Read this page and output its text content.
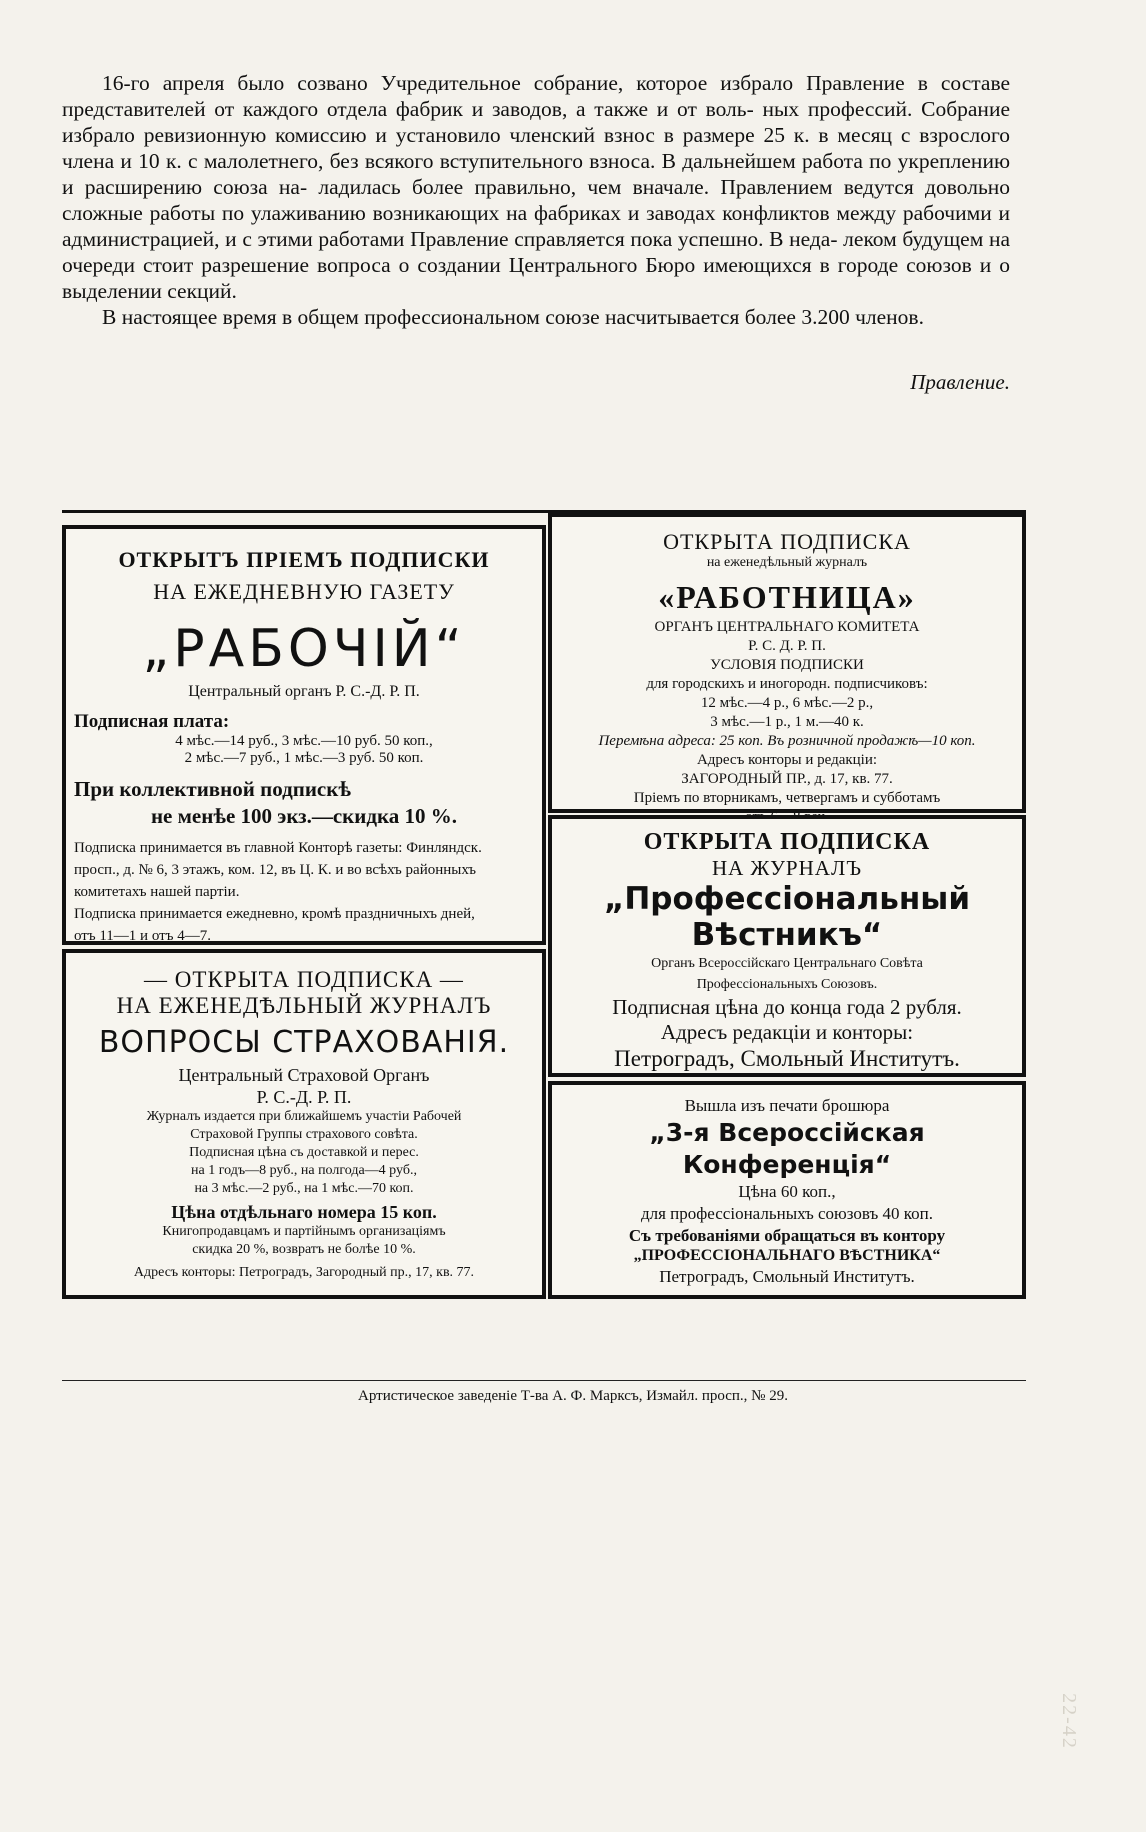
16-го апреля было созвано Учредительное собрание, которое избрало Правление в составе представителей от каждого отдела фабрик и заводов, а также и от воль- ных профессий. Собрание избрало ревизионную комиссию и установило членский взнос в размере 25 к. в месяц с взрослого члена и 10 к. с малолетнего, без всякого вступительного взноса. В дальнейшем работа по укреплению и расширению союза на- ладилась более правильно, чем вначале. Правлением ведутся довольно сложные работы по улаживанию возникающих на фабриках и заводах конфликтов между рабочими и администрацией, и с этими работами Правление справляется пока успешно. В неда- леком будущем на очереди стоит разрешение вопроса о создании Центрального Бюро имеющихся в городе союзов и о выделении секций.

В настоящее время в общем профессиональном союзе насчитывается более 3.200 членов.

Правление.
ОТКРЫТЪ ПРІЕМЪ ПОДПИСКИ
НА ЕЖЕДНЕВНУЮ ГАЗЕТУ
„РАБОЧІЙ“
Центральный органъ Р. С.-Д. Р. П.
Подписная плата:
4 мѣс.—14 руб., 3 мѣс.—10 руб. 50 коп.,
2 мѣс.—7 руб., 1 мѣс.—3 руб. 50 коп.
При коллективной подпискѣ
не менѣе 100 экз.—скидка 10 %.
Подписка принимается въ главной Конторѣ газеты: Финляндск.
просп., д. № 6, 3 этажъ, ком. 12, въ Ц. К. и во всѣхъ районныхъ
комитетахъ нашей партіи.
Подписка принимается ежедневно, кромѣ праздничныхъ дней,
отъ 11—1 и отъ 4—7.
ОТКРЫТА ПОДПИСКА
на еженедѣльный журналъ
«РАБОТНИЦА»
ОРГАНЪ ЦЕНТРАЛЬНАГО КОМИТЕТА
Р. С. Д. Р. П.
УСЛОВІЯ ПОДПИСКИ
для городскихъ и иногородн. подписчиковъ:
12 мѣс.—4 р., 6 мѣс.—2 р.,
3 мѣс.—1 р., 1 м.—40 к.
Перемѣна адреса: 25 коп. Въ розничной продажѣ—10 коп.
Адресъ конторы и редакціи:
ЗАГОРОДНЫЙ ПР., д. 17, кв. 77.
Пріемъ по вторникамъ, четвергамъ и субботамъ
ОТКРЫТА ПОДПИСКА
НА ЖУРНАЛЪ
„Профессіональный
Вѣстникъ“
Органъ Всероссійскаго Центральнаго Совѣта
Профессіональныхъ Союзовъ.
Подписная цѣна до конца года 2 рубля.
Адресъ редакціи и конторы:
Петроградъ, Смольный Институтъ.
— ОТКРЫТА ПОДПИСКА —
НА ЕЖЕНЕДѢЛЬНЫЙ ЖУРНАЛЪ
ВОПРОСЫ СТРАХОВАНІЯ.
Центральный Страховой Органъ
Р. С.-Д. Р. П.
Журналъ издается при ближайшемъ участіи Рабочей
Страховой Группы страхового совѣта.
Подписная цѣна съ доставкой и перес.
на 1 годъ—8 руб., на полгода—4 руб.,
на 3 мѣс.—2 руб., на 1 мѣс.—70 коп.
Цѣна отдѣльнаго номера 15 коп.
Книгопродавцамъ и партійнымъ организаціямъ
скидка 20 %, возвратъ не болѣе 10 %.
Адресъ конторы: Петроградъ, Загородный пр., 17, кв. 77.
Вышла изъ печати брошюра
„3-я Всероссійская
Конференція“
Цѣна 60 коп.,
для профессіональныхъ союзовъ 40 коп.
Съ требованіями обращаться въ контору
„ПРОФЕССІОНАЛЬНАГО ВѢСТНИКА“
Петроградъ, Смольный Институтъ.
Артистическое заведеніе Т-ва А. Ф. Марксъ, Измайл. просп., № 29.
22-42
